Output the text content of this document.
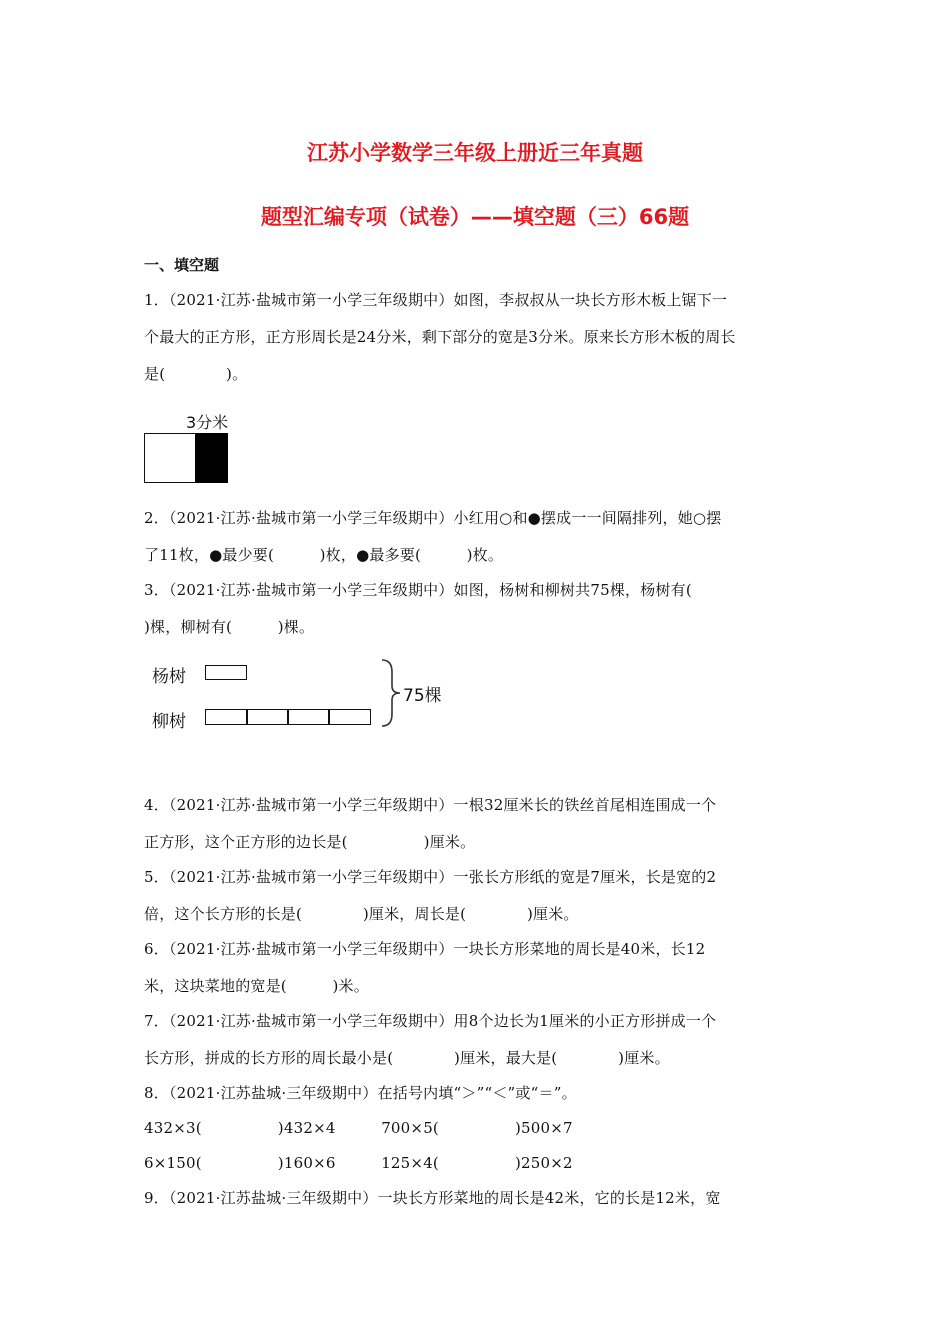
江苏小学数学三年级上册近三年真题
题型汇编专项（试卷）——填空题（三）66题
一、填空题
1．（2021·江苏·盐城市第一小学三年级期中）如图，李叔叔从一块长方形木板上锯下一
个最大的正方形，正方形周长是24分米，剩下部分的宽是3分米。原来长方形木板的周长
是(　　　　)。
3分米
2．（2021·江苏·盐城市第一小学三年级期中）小红用○和●摆成一一间隔排列，她○摆
了11枚，●最少要(　　　)枚，●最多要(　　　)枚。
3．（2021·江苏·盐城市第一小学三年级期中）如图，杨树和柳树共75棵，杨树有(
)棵，柳树有(　　　)棵。
杨树
柳树
75棵
4．（2021·江苏·盐城市第一小学三年级期中）一根32厘米长的铁丝首尾相连围成一个
正方形，这个正方形的边长是(　　　　　)厘米。
5．（2021·江苏·盐城市第一小学三年级期中）一张长方形纸的宽是7厘米，长是宽的2
倍，这个长方形的长是(　　　　)厘米，周长是(　　　　)厘米。
6．（2021·江苏·盐城市第一小学三年级期中）一块长方形菜地的周长是40米，长12
米，这块菜地的宽是(　　　)米。
7．（2021·江苏·盐城市第一小学三年级期中）用8个边长为1厘米的小正方形拼成一个
长方形，拼成的长方形的周长最小是(　　　　)厘米，最大是(　　　　)厘米。
8．（2021·江苏盐城·三年级期中）在括号内填“＞”“＜”或“＝”。
432×3(　　　　　)432×4　　　700×5(　　　　　)500×7
6×150(　　　　　)160×6　　　125×4(　　　　　)250×2
9．（2021·江苏盐城·三年级期中）一块长方形菜地的周长是42米，它的长是12米，宽
